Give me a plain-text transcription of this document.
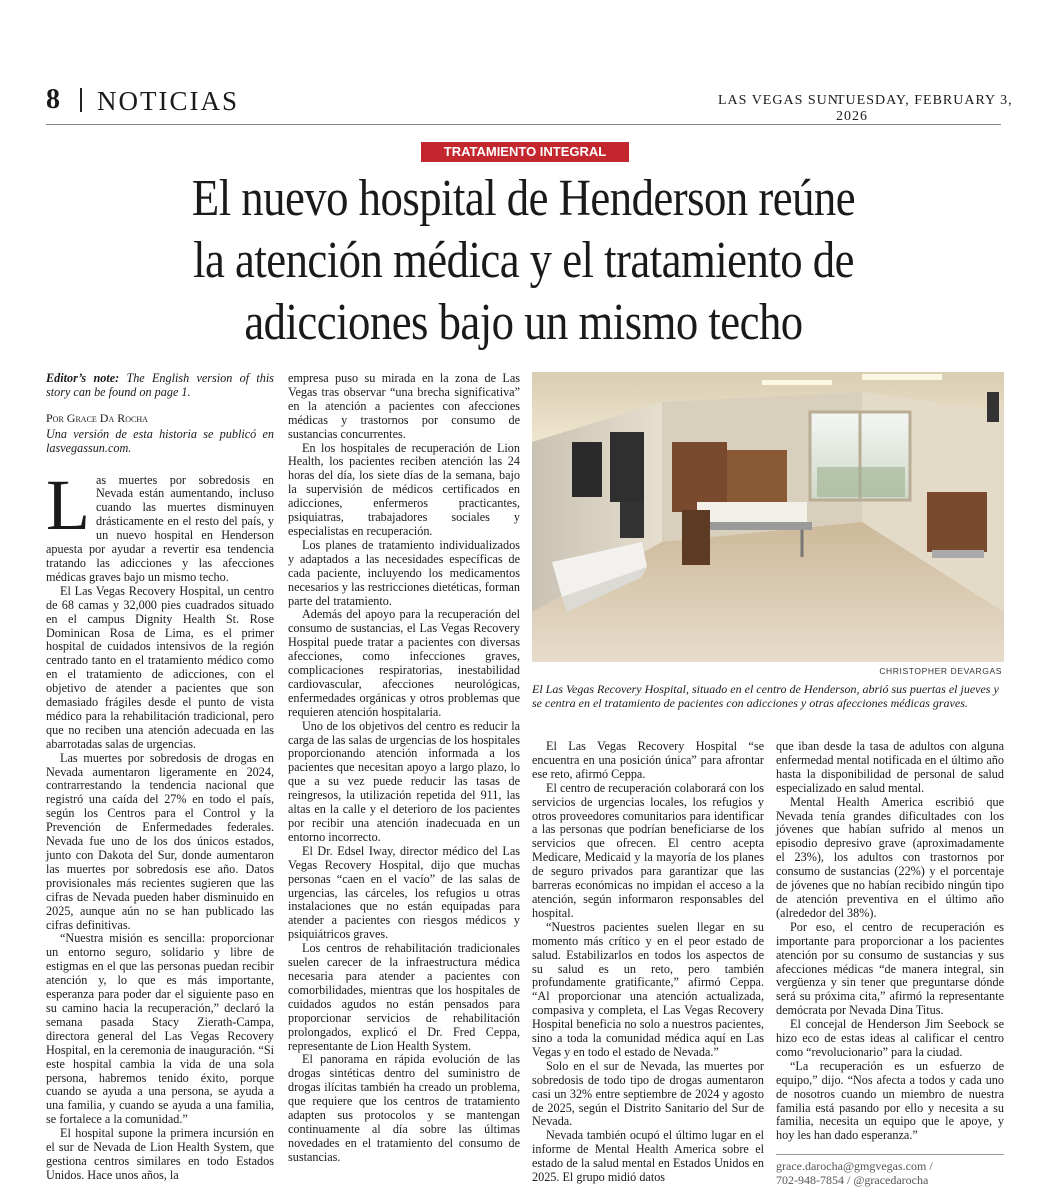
8 NOTICIAS	LAS VEGAS SUN
TUESDAY, FEBRUARY 3, 2026
TRATAMIENTO INTEGRAL
El nuevo hospital de Henderson reúne
la atención médica y el tratamiento de
adicciones bajo un mismo techo

Editor’s note: The English version of this story can be found on page 1.

Por Grace Da Rocha

Una versión de esta historia se publicó en lasvegassun.com.

Las muertes por sobredosis en Nevada están aumentando, incluso cuando las muertes disminuyen drásticamente en el resto del país, y un nuevo hospital en Henderson apuesta por ayudar a revertir esa tendencia tratando las adicciones y las afecciones médicas graves bajo un mismo techo.

El Las Vegas Recovery Hospital, un centro de 68 camas y 32,000 pies cuadrados situado en el campus Dignity Health St. Rose Dominican Rosa de Lima, es el primer hospital de cuidados intensivos de la región centrado tanto en el tratamiento médico como en el tratamiento de adicciones, con el objetivo de atender a pacientes que son demasiado frágiles desde el punto de vista médico para la rehabilitación tradicional, pero que no reciben una atención adecuada en las abarrotadas salas de urgencias.

Las muertes por sobredosis de drogas en Nevada aumentaron ligeramente en 2024, contrarrestando la tendencia nacional que registró una caída del 27% en todo el país, según los Centros para el Control y la Prevención de Enfermedades federales. Nevada fue uno de los dos únicos estados, junto con Dakota del Sur, donde aumentaron las muertes por sobredosis ese año. Datos provisionales más recientes sugieren que las cifras de Nevada pueden haber disminuido en 2025, aunque aún no se han publicado las cifras definitivas.

“Nuestra misión es sencilla: proporcionar un entorno seguro, solidario y libre de estigmas en el que las personas puedan recibir atención y, lo que es más importante, esperanza para poder dar el siguiente paso en su camino hacia la recuperación,” declaró la semana pasada Stacy Zierath-Campa, directora general del Las Vegas Recovery Hospital, en la ceremonia de inauguración. “Si este hospital cambia la vida de una sola persona, habremos tenido éxito, porque cuando se ayuda a una persona, se ayuda a una familia, y cuando se ayuda a una familia, se fortalece a la comunidad.”

El hospital supone la primera incursión en el sur de Nevada de Lion Health System, que gestiona centros similares en todo Estados Unidos. Hace unos años, la

empresa puso su mirada en la zona de Las Vegas tras observar “una brecha significativa” en la atención a pacientes con afecciones médicas y trastornos por consumo de sustancias concurrentes.

En los hospitales de recuperación de Lion Health, los pacientes reciben atención las 24 horas del día, los siete días de la semana, bajo la supervisión de médicos certificados en adicciones, enfermeros practicantes, psiquiatras, trabajadores sociales y especialistas en recuperación.

Los planes de tratamiento individualizados y adaptados a las necesidades específicas de cada paciente, incluyendo los medicamentos necesarios y las restricciones dietéticas, forman parte del tratamiento.

Además del apoyo para la recuperación del consumo de sustancias, el Las Vegas Recovery Hospital puede tratar a pacientes con diversas afecciones, como infecciones graves, complicaciones respiratorias, inestabilidad cardiovascular, afecciones neurológicas, enfermedades orgánicas y otros problemas que requieren atención hospitalaria.

Uno de los objetivos del centro es reducir la carga de las salas de urgencias de los hospitales proporcionando atención informada a los pacientes que necesitan apoyo a largo plazo, lo que a su vez puede reducir las tasas de reingresos, la utilización repetida del 911, las altas en la calle y el deterioro de los pacientes por recibir una atención inadecuada en un entorno incorrecto.

El Dr. Edsel Iway, director médico del Las Vegas Recovery Hospital, dijo que muchas personas “caen en el vacío” de las salas de urgencias, las cárceles, los refugios u otras instalaciones que no están equipadas para atender a pacientes con riesgos médicos y psiquiátricos graves.

Los centros de rehabilitación tradicionales suelen carecer de la infraestructura médica necesaria para atender a pacientes con comorbilidades, mientras que los hospitales de cuidados agudos no están pensados para proporcionar servicios de rehabilitación prolongados, explicó el Dr. Fred Ceppa, representante de Lion Health System.

El panorama en rápida evolución de las drogas sintéticas dentro del suministro de drogas ilícitas también ha creado un problema, que requiere que los centros de tratamiento adapten sus protocolos y se mantengan continuamente al día sobre las últimas novedades en el tratamiento del consumo de sustancias.

CHRISTOPHER DEVARGAS
El Las Vegas Recovery Hospital, situado en el centro de Henderson, abrió sus puertas el jueves y se centra en el tratamiento de pacientes con adicciones y otras afecciones médicas graves.

El Las Vegas Recovery Hospital “se encuentra en una posición única” para afrontar ese reto, afirmó Ceppa.

El centro de recuperación colaborará con los servicios de urgencias locales, los refugios y otros proveedores comunitarios para identificar a las personas que podrían beneficiarse de los servicios que ofrecen. El centro acepta Medicare, Medicaid y la mayoría de los planes de seguro privados para garantizar que las barreras económicas no impidan el acceso a la atención, según informaron responsables del hospital.

“Nuestros pacientes suelen llegar en su momento más crítico y en el peor estado de salud. Estabilizarlos en todos los aspectos de su salud es un reto, pero también profundamente gratificante,” afirmó Ceppa. “Al proporcionar una atención actualizada, compasiva y completa, el Las Vegas Recovery Hospital beneficia no solo a nuestros pacientes, sino a toda la comunidad médica aquí en Las Vegas y en todo el estado de Nevada.”

Solo en el sur de Nevada, las muertes por sobredosis de todo tipo de drogas aumentaron casi un 32% entre septiembre de 2024 y agosto de 2025, según el Distrito Sanitario del Sur de Nevada.

Nevada también ocupó el último lugar en el informe de Mental Health America sobre el estado de la salud mental en Estados Unidos en 2025. El grupo midió datos

que iban desde la tasa de adultos con alguna enfermedad mental notificada en el último año hasta la disponibilidad de personal de salud especializado en salud mental.

Mental Health America escribió que Nevada tenía grandes dificultades con los jóvenes que habían sufrido al menos un episodio depresivo grave (aproximadamente el 23%), los adultos con trastornos por consumo de sustancias (22%) y el porcentaje de jóvenes que no habían recibido ningún tipo de atención preventiva en el último año (alrededor del 38%).

Por eso, el centro de recuperación es importante para proporcionar a los pacientes atención por su consumo de sustancias y sus afecciones médicas “de manera integral, sin vergüenza y sin tener que preguntarse dónde será su próxima cita,” afirmó la representante demócrata por Nevada Dina Titus.

El concejal de Henderson Jim Seebock se hizo eco de estas ideas al calificar el centro como “revolucionario” para la ciudad.

“La recuperación es un esfuerzo de equipo,” dijo. “Nos afecta a todos y cada uno de nosotros cuando un miembro de nuestra familia está pasando por ello y necesita a su familia, necesita un equipo que le apoye, y hoy les han dado esperanza.”

grace.darocha@gmgvegas.com /
702-948-7854 / @gracedarocha
